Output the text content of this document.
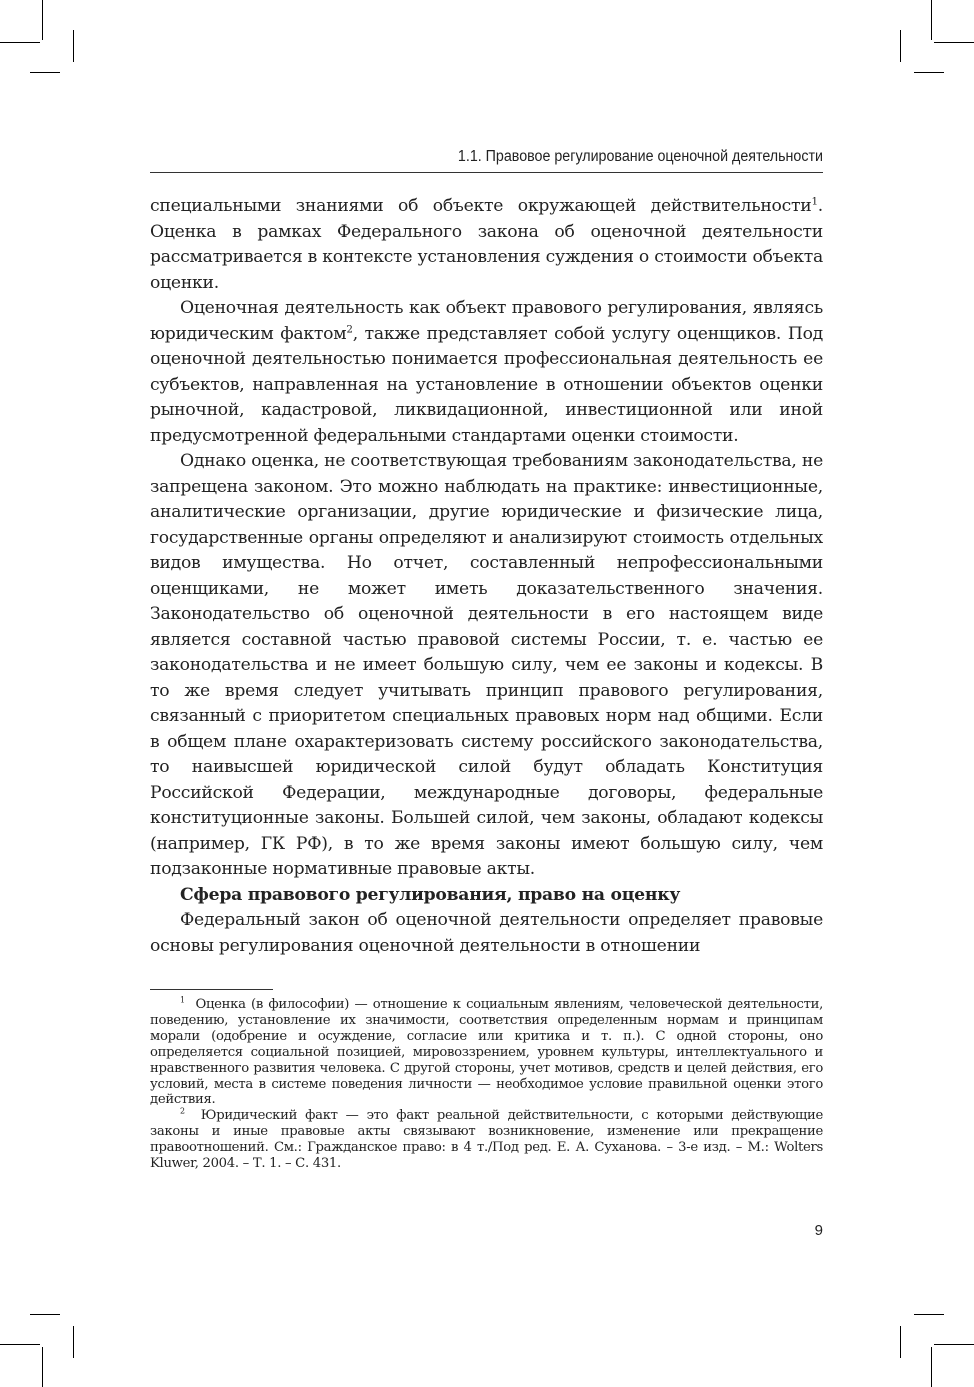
1.1. Правовое регулирование оценочной деятельности

специальными знаниями об объекте окружающей действительности$^1$. Оценка в рамках Федерального закона об оценочной деятельности рассматривается в контексте установления суждения о стоимости объекта оценки.

Оценочная деятельность как объект правового регулирования, являясь юридическим фактом$^2$, также представляет собой услугу оценщиков. Под оценочной деятельностью понимается профессиональная деятельность ее субъектов, направленная на установление в отношении объектов оценки рыночной, кадастровой, ликвидационной, инвестиционной или иной предусмотренной федеральными стандартами оценки стоимости.

Однако оценка, не соответствующая требованиям законодательства, не запрещена законом. Это можно наблюдать на практике: инвестиционные, аналитические организации, другие юридические и физические лица, государственные органы определяют и анализируют стоимость отдельных видов имущества. Но отчет, составленный непрофессиональными оценщиками, не может иметь доказательственного значения. Законодательство об оценочной деятельности в его настоящем виде является составной частью правовой системы России, т. е. частью ее законодательства и не имеет большую силу, чем ее законы и кодексы. В то же время следует учитывать принцип правового регулирования, связанный с приоритетом специальных правовых норм над общими. Если в общем плане охарактеризовать систему российского законодательства, то наивысшей юридической силой будут обладать Конституция Российской Федерации, международные договоры, федеральные конституционные законы. Большей силой, чем законы, обладают кодексы (например, ГК РФ), в то же время законы имеют большую силу, чем подзаконные нормативные правовые акты.

Сфера правового регулирования, право на оценку

Федеральный закон об оценочной деятельности определяет правовые основы регулирования оценочной деятельности в отношении

$^1$ Оценка (в философии) — отношение к социальным явлениям, человеческой деятельности, поведению, установление их значимости, соответствия определенным нормам и принципам морали (одобрение и осуждение, согласие или критика и т. п.). С одной стороны, оно определяется социальной позицией, мировоззрением, уровнем культуры, интеллектуального и нравственного развития человека. С другой стороны, учет мотивов, средств и целей действия, его условий, места в системе поведения личности — необходимое условие правильной оценки этого действия.

$^2$ Юридический факт — это факт реальной действительности, с которыми действующие законы и иные правовые акты связывают возникновение, изменение или прекращение правоотношений. См.: Гражданское право: в 4 т./Под ред. Е. А. Суханова. – 3-е изд. – М.: Wolters Kluwer, 2004. – Т. 1. – С. 431.

9
